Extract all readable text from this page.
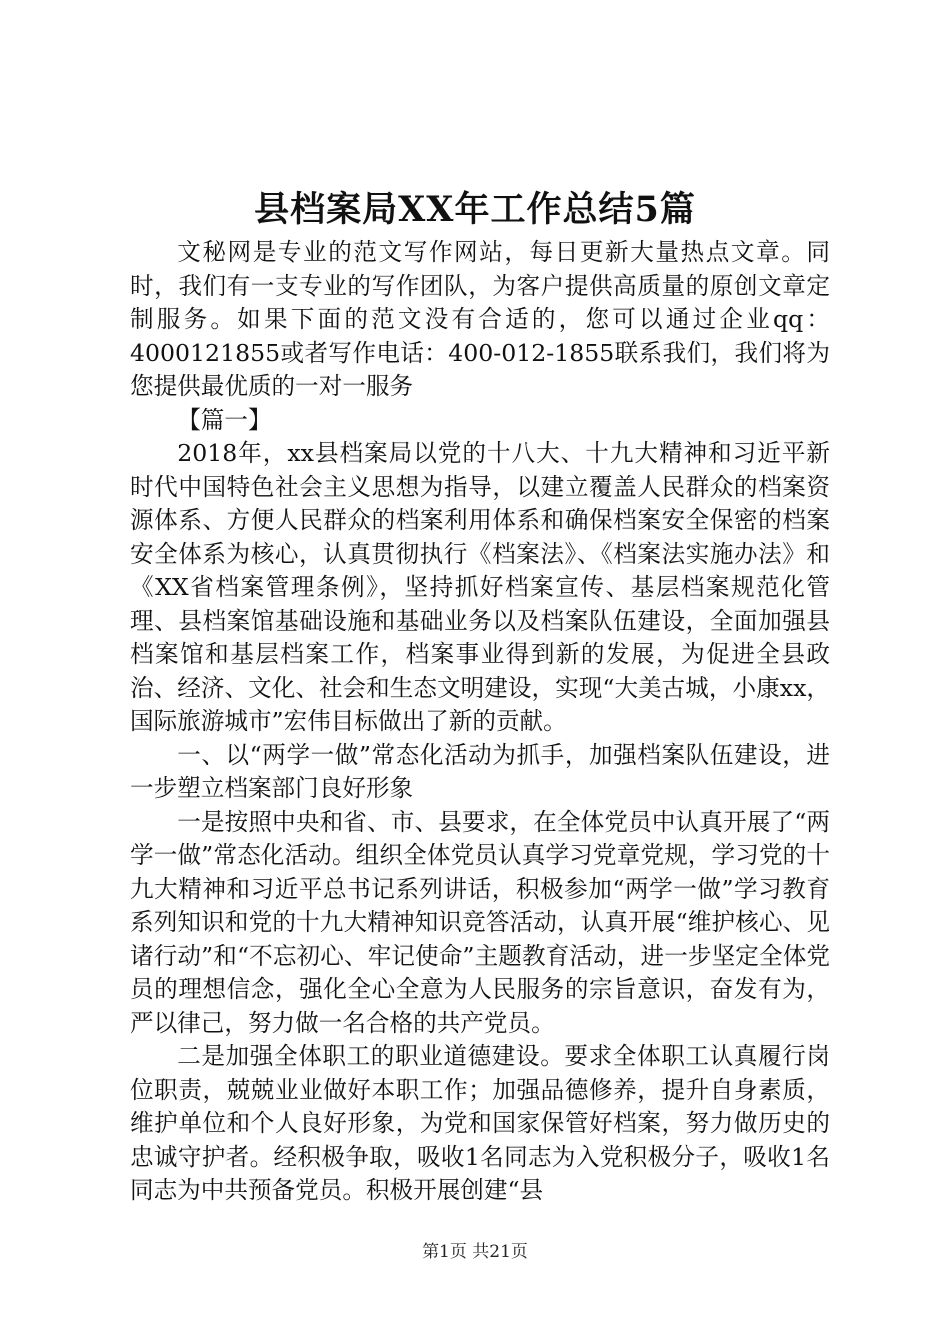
县档案局XX年工作总结5篇

文秘网是专业的范文写作网站，每日更新大量热点文章。同时，我们有一支专业的写作团队，为客户提供高质量的原创文章定制服务。如果下面的范文没有合适的，您可以通过企业qq：4000121855或者写作电话：400-012-1855联系我们，我们将为您提供最优质的一对一服务

【篇一】

2018年，xx县档案局以党的十八大、十九大精神和习近平新时代中国特色社会主义思想为指导，以建立覆盖人民群众的档案资源体系、方便人民群众的档案利用体系和确保档案安全保密的档案安全体系为核心，认真贯彻执行《档案法》、《档案法实施办法》和《XX省档案管理条例》，坚持抓好档案宣传、基层档案规范化管理、县档案馆基础设施和基础业务以及档案队伍建设，全面加强县档案馆和基层档案工作，档案事业得到新的发展，为促进全县政治、经济、文化、社会和生态文明建设，实现“大美古城，小康xx，国际旅游城市”宏伟目标做出了新的贡献。

一、以“两学一做”常态化活动为抓手，加强档案队伍建设，进一步塑立档案部门良好形象

一是按照中央和省、市、县要求，在全体党员中认真开展了“两学一做”常态化活动。组织全体党员认真学习党章党规，学习党的十九大精神和习近平总书记系列讲话，积极参加“两学一做”学习教育系列知识和党的十九大精神知识竞答活动，认真开展“维护核心、见诸行动”和“不忘初心、牢记使命”主题教育活动，进一步坚定全体党员的理想信念，强化全心全意为人民服务的宗旨意识，奋发有为，严以律己，努力做一名合格的共产党员。

二是加强全体职工的职业道德建设。要求全体职工认真履行岗位职责，兢兢业业做好本职工作；加强品德修养，提升自身素质，维护单位和个人良好形象，为党和国家保管好档案，努力做历史的忠诚守护者。经积极争取，吸收1名同志为入党积极分子，吸收1名同志为中共预备党员。积极开展创建“县

第1页 共21页
